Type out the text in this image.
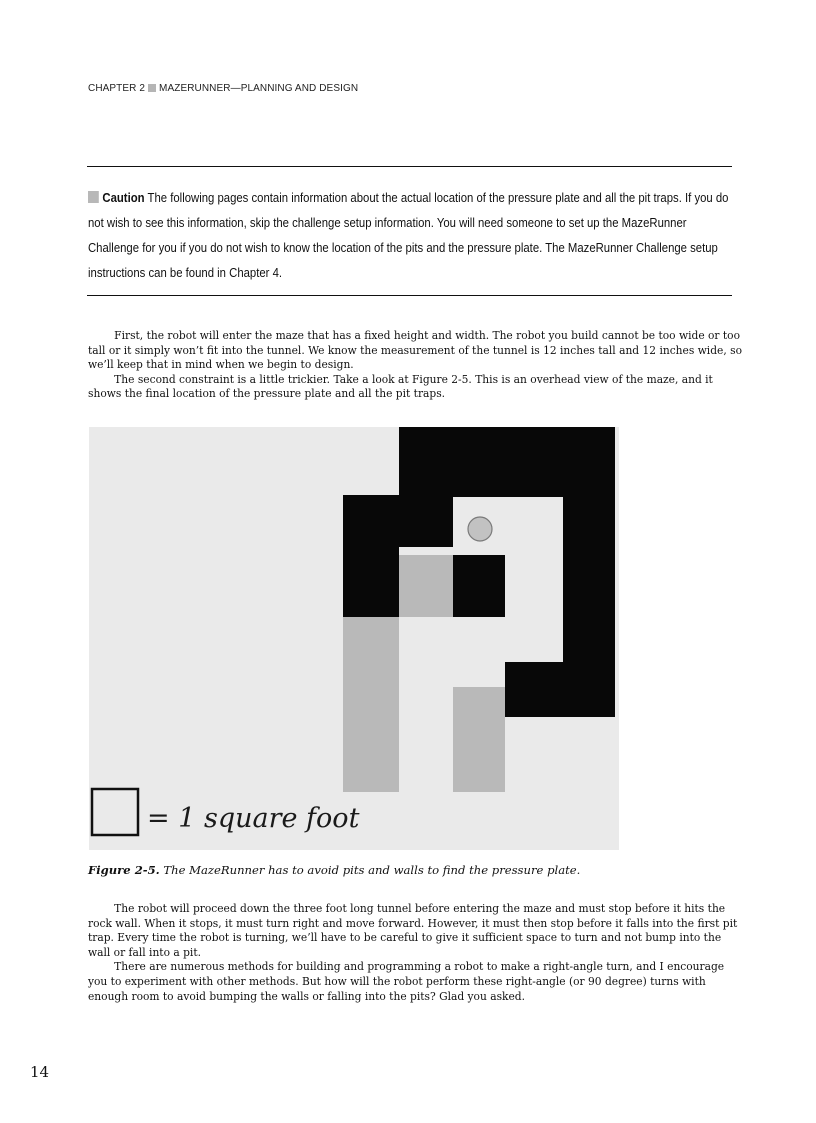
CHAPTER 2 MAZERUNNER—PLANNING AND DESIGN
Caution The following pages contain information about the actual location of the pressure plate and all the pit traps. If you do not wish to see this information, skip the challenge setup information. You will need someone to set up the MazeRunner Challenge for you if you do not wish to know the location of the pits and the pressure plate. The MazeRunner Challenge setup instructions can be found in Chapter 4.

First, the robot will enter the maze that has a fixed height and width. The robot you build cannot be too wide or too tall or it simply won’t fit into the tunnel. We know the measurement of the tunnel is 12 inches tall and 12 inches wide, so we’ll keep that in mind when we begin to design.

The second constraint is a little trickier. Take a look at Figure 2-5. This is an overhead view of the maze, and it shows the final location of the pressure plate and all the pit traps.

= 1 square foot
Figure 2-5. The MazeRunner has to avoid pits and walls to find the pressure plate.

The robot will proceed down the three foot long tunnel before entering the maze and must stop before it hits the rock wall. When it stops, it must turn right and move forward. However, it must then stop before it falls into the first pit trap. Every time the robot is turning, we’ll have to be careful to give it sufficient space to turn and not bump into the wall or fall into a pit.

There are numerous methods for building and programming a robot to make a right-angle turn, and I encourage you to experiment with other methods. But how will the robot perform these right-angle (or 90 degree) turns with enough room to avoid bumping the walls or falling into the pits? Glad you asked.

14
